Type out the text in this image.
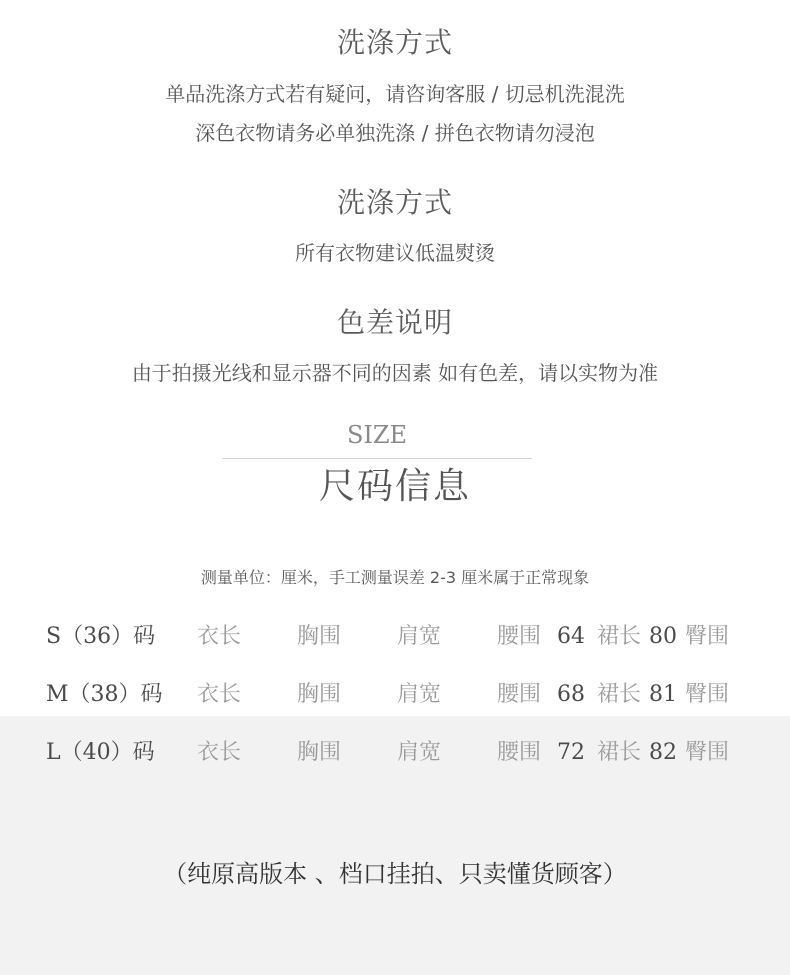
洗涤方式
单品洗涤方式若有疑问，请咨询客服 / 切忌机洗混洗
深色衣物请务必单独洗涤 / 拼色衣物请勿浸泡
洗涤方式
所有衣物建议低温熨烫
色差说明
由于拍摄光线和显示器不同的因素 如有色差，请以实物为准
SIZE
尺码信息
测量单位：厘米，手工测量误差 2-3 厘米属于正常现象
S（36）码 衣长	胸围	肩宽	腰围 64 裙长 80 臀围
M（38）码 衣长	胸围	肩宽	腰围 68 裙长 81 臀围
L（40）码 衣长	胸围	肩宽	腰围 72 裙长 82 臀围
（纯原高版本 、档口挂拍、只卖懂货顾客）
